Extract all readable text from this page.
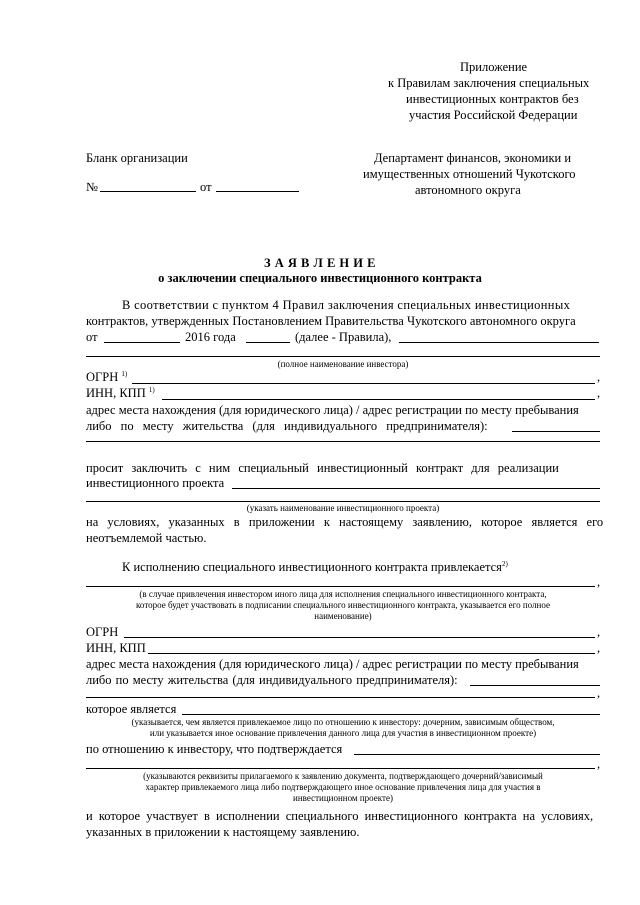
Приложение
к Правилам заключения специальных
инвестиционных контрактов без
участия Российской Федерации
Бланк организации
№	от
Департамент финансов, экономики и
имущественных отношений Чукотского
автономного округа
З А Я В Л Е Н И Е
о заключении специального инвестиционного контракта
В соответствии с пунктом 4 Правил заключения специальных инвестиционных
контрактов, утвержденных Постановлением Правительства Чукотского автономного округа
от	2016 года	(далее - Правила),
(полное наименование инвестора)
ОГРН $^{1)}$	,
ИНН, КПП $^{1)}$	,
адрес места нахождения (для юридического лица) / адрес регистрации по месту пребывания
либо по месту жительства (для индивидуального предпринимателя):
просит заключить с ним специальный инвестиционный контракт для реализации
инвестиционного проекта
(указать наименование инвестиционного проекта)
на условиях, указанных в приложении к настоящему заявлению, которое является его
неотъемлемой частью.
К исполнению специального инвестиционного контракта привлекается$^{2)}$
,
(в случае привлечения инвестором иного лица для исполнения специального инвестиционного контракта,
которое будет участвовать в подписании специального инвестиционного контракта, указывается его полное
наименование)
ОГРН	,
ИНН, КПП	,
адрес места нахождения (для юридического лица) / адрес регистрации по месту пребывания
либо по месту жительства (для индивидуального предпринимателя):
,
которое является
(указывается, чем является привлекаемое лицо по отношению к инвестору: дочерним, зависимым обществом,
или указывается иное основание привлечения данного лица для участия в инвестиционном проекте)
по отношению к инвестору, что подтверждается
,
(указываются реквизиты прилагаемого к заявлению документа, подтверждающего дочерний/зависимый
характер привлекаемого лица либо подтверждающего иное основание привлечения лица для участия в
инвестиционном проекте)
и которое участвует в исполнении специального инвестиционного контракта на условиях,
указанных в приложении к настоящему заявлению.
